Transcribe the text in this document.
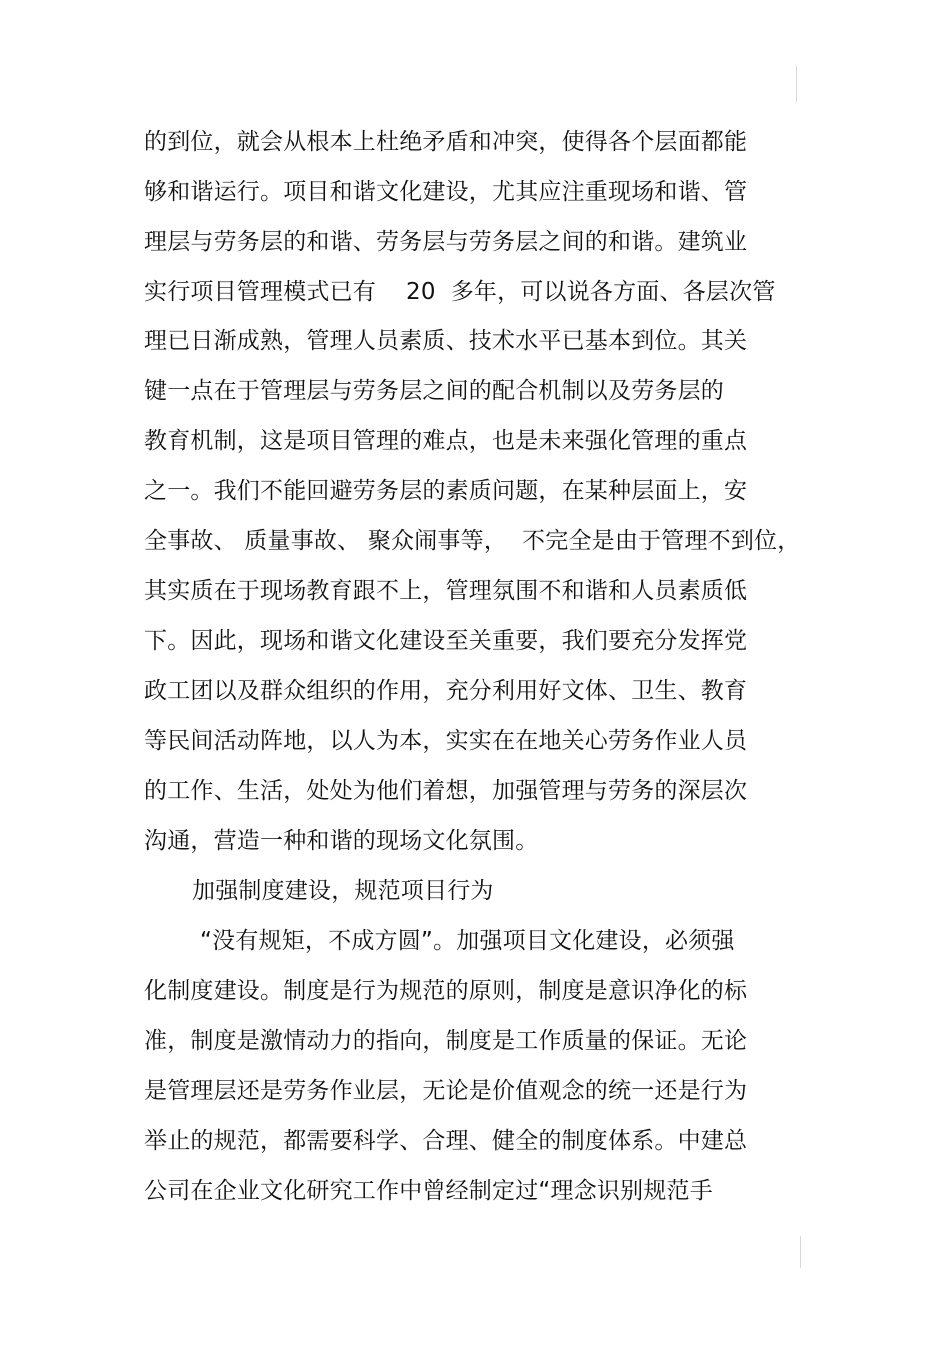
的到位，就会从根本上杜绝矛盾和冲突，使得各个层面都能
够和谐运行。项目和谐文化建设，尤其应注重现场和谐、管
理层与劳务层的和谐、劳务层与劳务层之间的和谐。建筑业
实行项目管理模式已有    20  多年，可以说各方面、各层次管
理已日渐成熟，管理人员素质、技术水平已基本到位。其关
键一点在于管理层与劳务层之间的配合机制以及劳务层的
教育机制，这是项目管理的难点，也是未来强化管理的重点
之一。我们不能回避劳务层的素质问题，在某种层面上，安
全事故、 质量事故、 聚众闹事等，  不完全是由于管理不到位，
其实质在于现场教育跟不上，管理氛围不和谐和人员素质低
下。因此，现场和谐文化建设至关重要，我们要充分发挥党
政工团以及群众组织的作用，充分利用好文体、卫生、教育
等民间活动阵地，以人为本，实实在在地关心劳务作业人员
的工作、生活，处处为他们着想，加强管理与劳务的深层次
沟通，营造一种和谐的现场文化氛围。
加强制度建设，规范项目行为
“没有规矩，不成方圆”。加强项目文化建设，必须强
化制度建设。制度是行为规范的原则，制度是意识净化的标
准，制度是激情动力的指向，制度是工作质量的保证。无论
是管理层还是劳务作业层，无论是价值观念的统一还是行为
举止的规范，都需要科学、合理、健全的制度体系。中建总
公司在企业文化研究工作中曾经制定过“理念识别规范手
